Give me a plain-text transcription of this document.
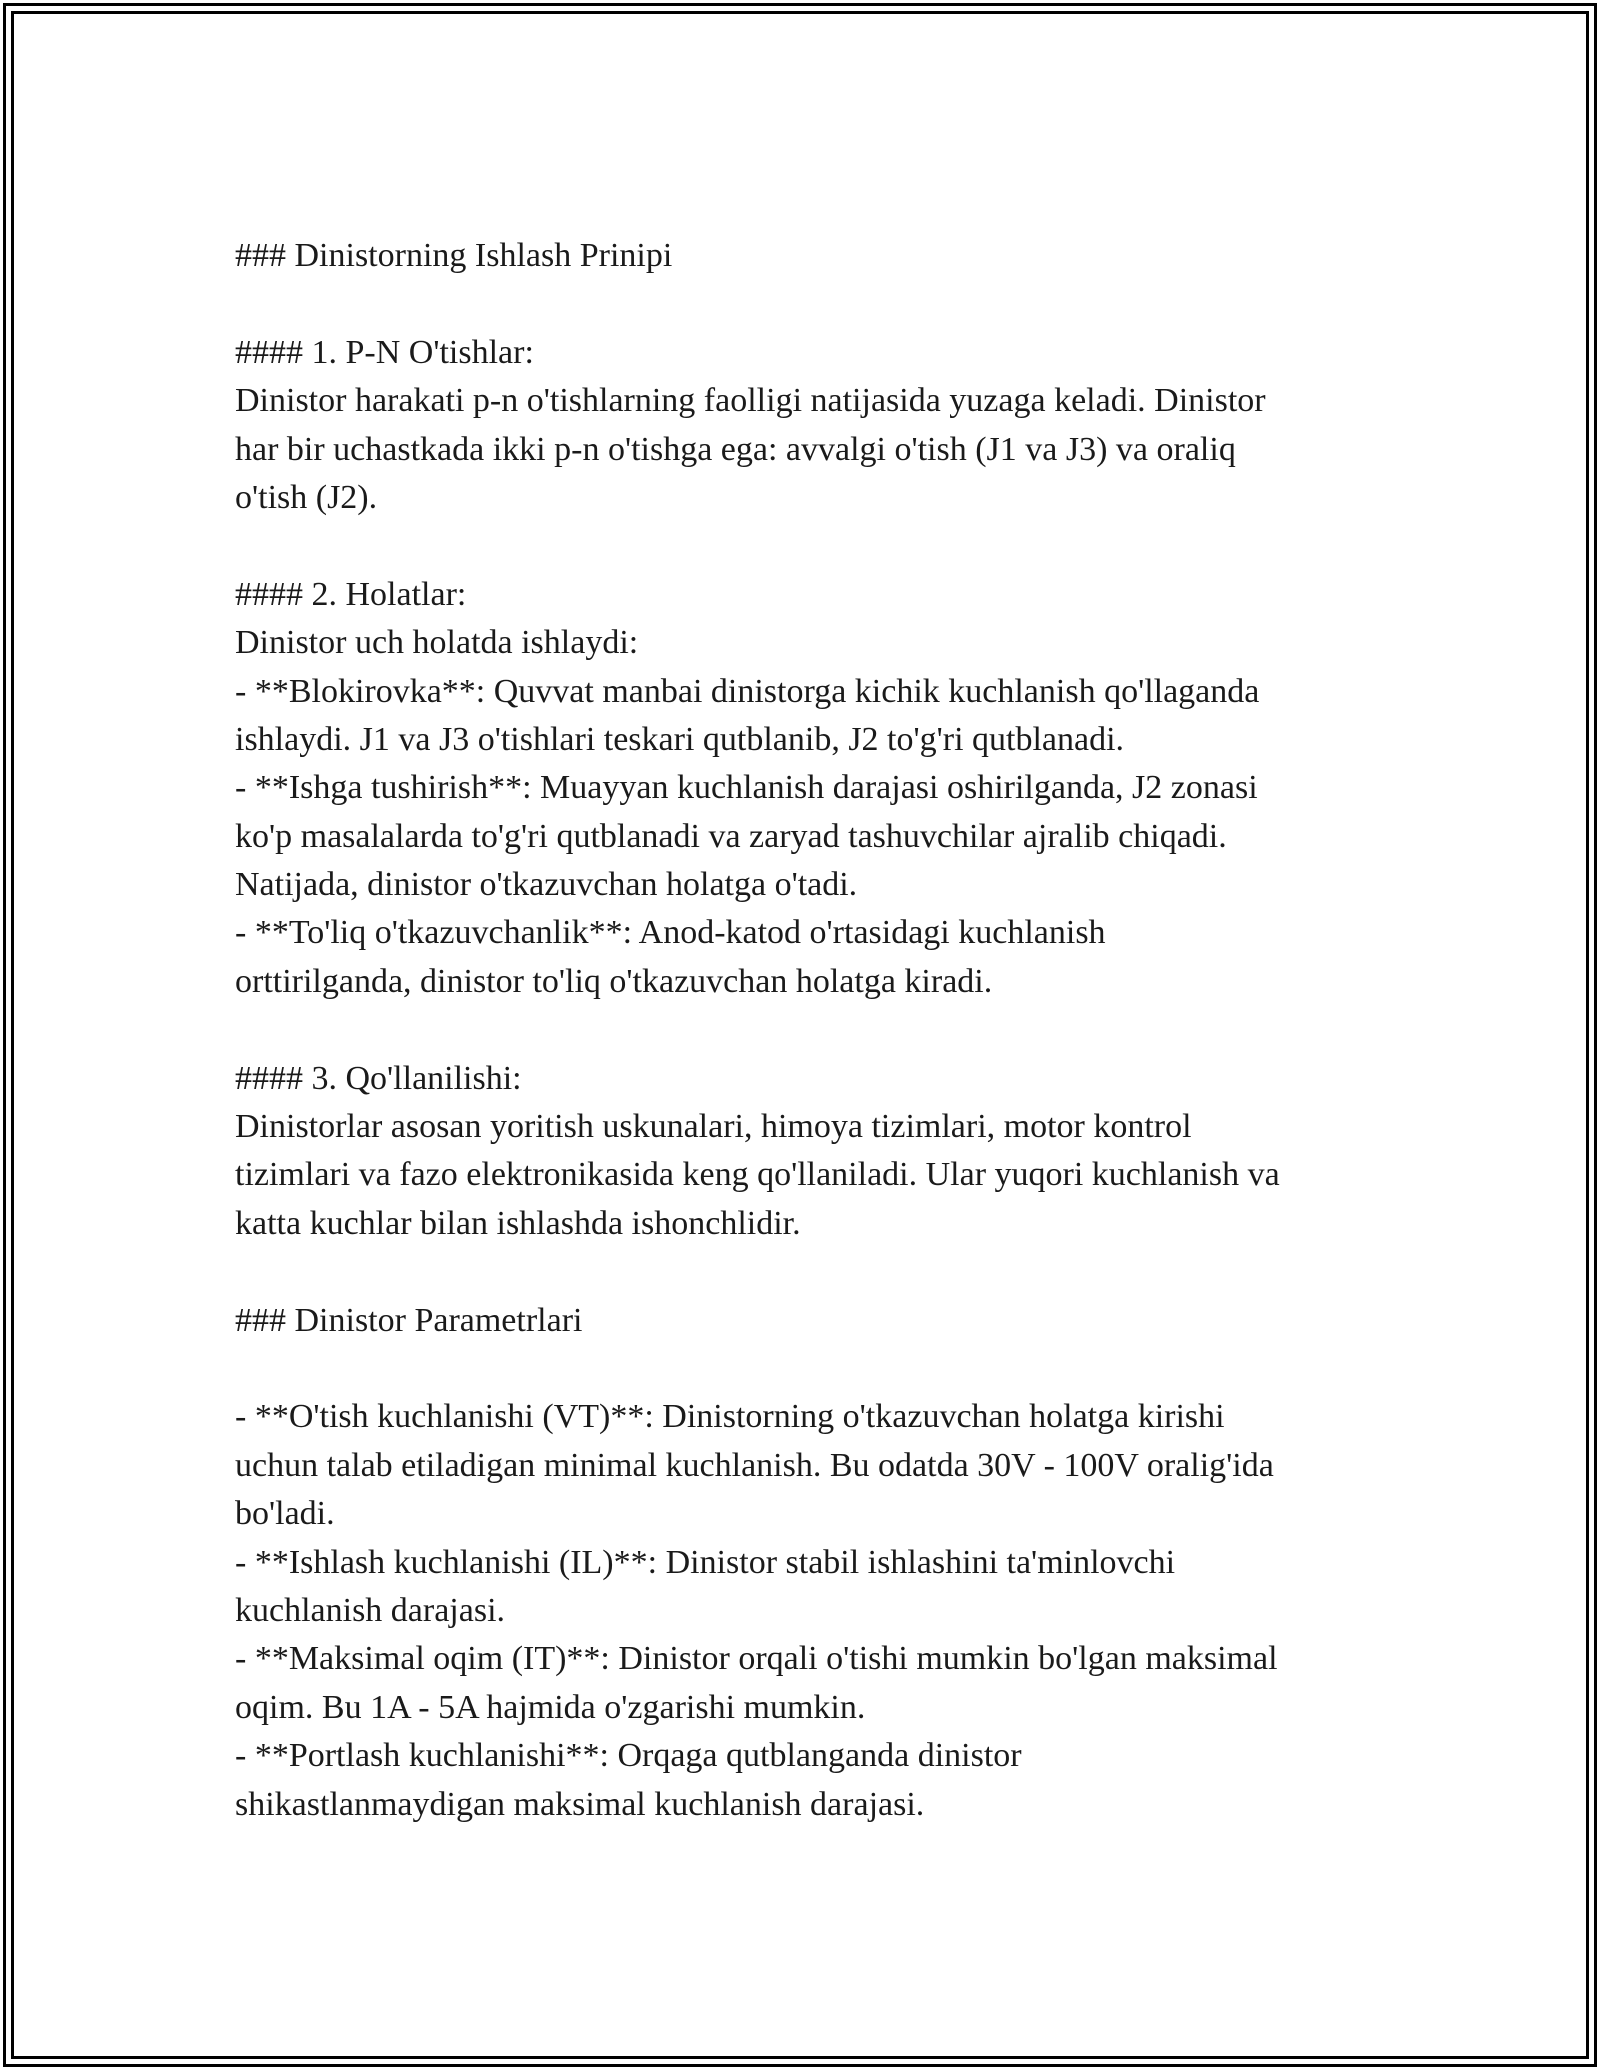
### Dinistorning Ishlash Prinipi
#### 1. P-N O'tishlar:
Dinistor harakati p-n o'tishlarning faolligi natijasida yuzaga keladi. Dinistor
har bir uchastkada ikki p-n o'tishga ega: avvalgi o'tish (J1 va J3) va oraliq
o'tish (J2).
#### 2. Holatlar:
Dinistor uch holatda ishlaydi:
- **Blokirovka**: Quvvat manbai dinistorga kichik kuchlanish qo'llaganda
ishlaydi. J1 va J3 o'tishlari teskari qutblanib, J2 to'g'ri qutblanadi.
- **Ishga tushirish**: Muayyan kuchlanish darajasi oshirilganda, J2 zonasi
ko'p masalalarda to'g'ri qutblanadi va zaryad tashuvchilar ajralib chiqadi.
Natijada, dinistor o'tkazuvchan holatga o'tadi.
- **To'liq o'tkazuvchanlik**: Anod-katod o'rtasidagi kuchlanish
orttirilganda, dinistor to'liq o'tkazuvchan holatga kiradi.
#### 3. Qo'llanilishi:
Dinistorlar asosan yoritish uskunalari, himoya tizimlari, motor kontrol
tizimlari va fazo elektronikasida keng qo'llaniladi. Ular yuqori kuchlanish va
katta kuchlar bilan ishlashda ishonchlidir.
### Dinistor Parametrlari
- **O'tish kuchlanishi (VT)**: Dinistorning o'tkazuvchan holatga kirishi
uchun talab etiladigan minimal kuchlanish. Bu odatda 30V - 100V oralig'ida
bo'ladi.
- **Ishlash kuchlanishi (IL)**: Dinistor stabil ishlashini ta'minlovchi
kuchlanish darajasi.
- **Maksimal oqim (IT)**: Dinistor orqali o'tishi mumkin bo'lgan maksimal
oqim. Bu 1A - 5A hajmida o'zgarishi mumkin.
- **Portlash kuchlanishi**: Orqaga qutblanganda dinistor
shikastlanmaydigan maksimal kuchlanish darajasi.
